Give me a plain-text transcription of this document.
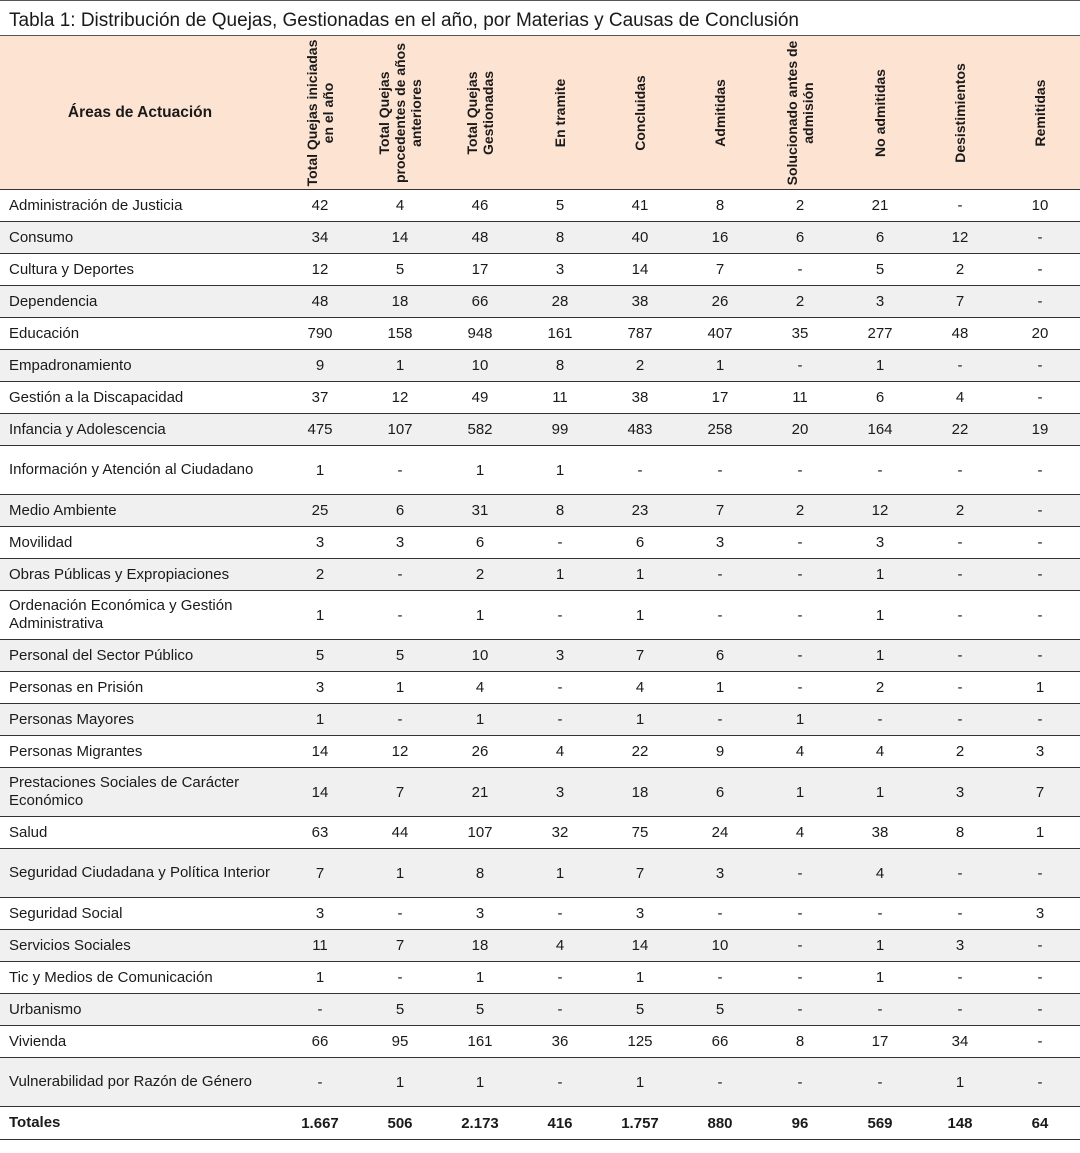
Tabla 1: Distribución de Quejas, Gestionadas en el año, por Materias y Causas de Conclusión
Áreas de Actuación	Total Quejas iniciadas en el año	Total Quejas procedentes de años anteriores	Total Quejas Gestionadas	En tramite	Concluidas	Admitidas	Solucionado antes de admisión	No admitidas	Desistimientos	Remitidas

Administración de Justicia	42	4	46	5	41	8	2	21	-	10
Consumo	34	14	48	8	40	16	6	6	12	-
Cultura y Deportes	12	5	17	3	14	7	-	5	2	-
Dependencia	48	18	66	28	38	26	2	3	7	-
Educación	790	158	948	161	787	407	35	277	48	20
Empadronamiento	9	1	10	8	2	1	-	1	-	-
Gestión a la Discapacidad	37	12	49	11	38	17	11	6	4	-
Infancia y Adolescencia	475	107	582	99	483	258	20	164	22	19
Información y Atención al Ciudadano	1	-	1	1	-	-	-	-	-	-
Medio Ambiente	25	6	31	8	23	7	2	12	2	-
Movilidad	3	3	6	-	6	3	-	3	-	-
Obras Públicas y Expropiaciones	2	-	2	1	1	-	-	1	-	-
Ordenación Económica y Gestión Administrativa	1	-	1	-	1	-	-	1	-	-
Personal del Sector Público	5	5	10	3	7	6	-	1	-	-
Personas en Prisión	3	1	4	-	4	1	-	2	-	1
Personas Mayores	1	-	1	-	1	-	1	-	-	-
Personas Migrantes	14	12	26	4	22	9	4	4	2	3
Prestaciones Sociales de Carácter Económico	14	7	21	3	18	6	1	1	3	7
Salud	63	44	107	32	75	24	4	38	8	1
Seguridad Ciudadana y Política Interior	7	1	8	1	7	3	-	4	-	-
Seguridad Social	3	-	3	-	3	-	-	-	-	3
Servicios Sociales	11	7	18	4	14	10	-	1	3	-
Tic y Medios de Comunicación	1	-	1	-	1	-	-	1	-	-
Urbanismo	-	5	5	-	5	5	-	-	-	-
Vivienda	66	95	161	36	125	66	8	17	34	-
Vulnerabilidad por Razón de Género	-	1	1	-	1	-	-	-	1	-
Totales	1.667	506	2.173	416	1.757	880	96	569	148	64
